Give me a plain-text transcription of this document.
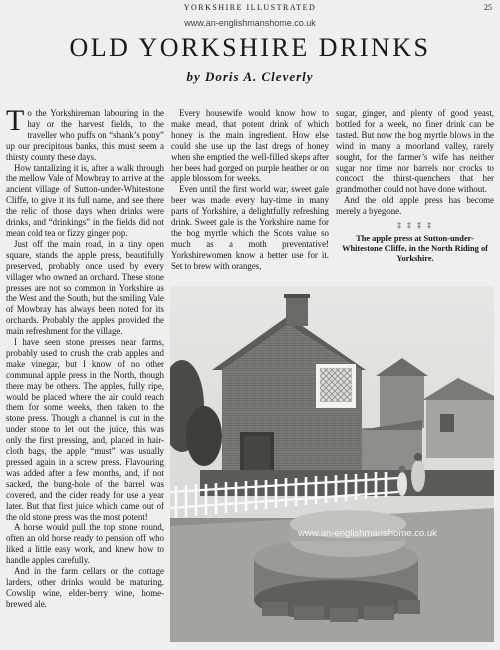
YORKSHIRE ILLUSTRATED	25
www.an-englishmanshome.co.uk
OLD YORKSHIRE DRINKS
by Doris A. Cleverly
T o the Yorkshireman labouring in the hay or the harvest fields, to the traveller who puffs on “shank’s pony” up our precipitous banks, this must seem a thirsty county these days.

How tantalizing it is, after a walk through the mellow Vale of Mowbray to arrive at the ancient village of Sutton-under-Whitestone Cliffe, to give it its full name, and see there the relic of those days when drinks were drinks, and “drinkings” in the fields did not mean cold tea or fizzy ginger pop.

Just off the main road, in a tiny open square, stands the apple press, beautifully preserved, probably once used by every villager who owned an orchard. These stone presses are not so common in Yorkshire as the West and the South, but the smiling Vale of Mowbray has always been noted for its orchards. Probably the apples provided the main refreshment for the village.

I have seen stone presses near farms, probably used to crush the crab apples and make vinegar, but I know of no other communal apple press in the North, though there may be others. The apples, fully ripe, would be placed where the air could reach them for some weeks, then taken to the stone press. Though a channel is cut in the under stone to let out the juice, this was only the first pressing, and, placed in hair-cloth bags, the apple “must” was usually pressed again in a screw press. Flavouring was added after a few months, and, if not sacked, the bung-hole of the barrel was covered, and the cider ready for use a year later. But that first juice which came out of the old stone press was the most potent!

A horse would pull the top stone round, often an old horse ready to pension off who liked a little easy work, and knew how to handle apples carefully.

And in the farm cellars or the cottage larders, other drinks would be maturing. Cowslip wine, elder-berry wine, home-brewed ale.

Every housewife would know how to make mead, that potent drink of which honey is the main ingredient. How else could she use up the last dregs of honey when she emptied the well-filled skeps after her bees had gorged on purple heather or on apple blossom for weeks.

Even until the first world war, sweet gale beer was made every hay-time in many parts of Yorkshire, a delightfully refreshing drink. Sweet gale is the Yorkshire name for the bog myrtle which the Scots value so much as a moth preventative! Yorkshirewomen know a better use for it. Set to brew with oranges,

sugar, ginger, and plenty of good yeast, bottled for a week, no finer drink can be tasted. But now the bog myrtle blows in the wind in many a moorland valley, rarely sought, for the farmer’s wife has neither sugar nor time nor barrels nor crocks to concoct the thirst-quenchers that her grandmother could not have done without.

And the old apple press has become merely a byegone.

‡ ‡ ‡ ‡
The apple press at Sutton-under-Whitestone Cliffe, in the North Riding of Yorkshire.
www.an-englishmanshome.co.uk
